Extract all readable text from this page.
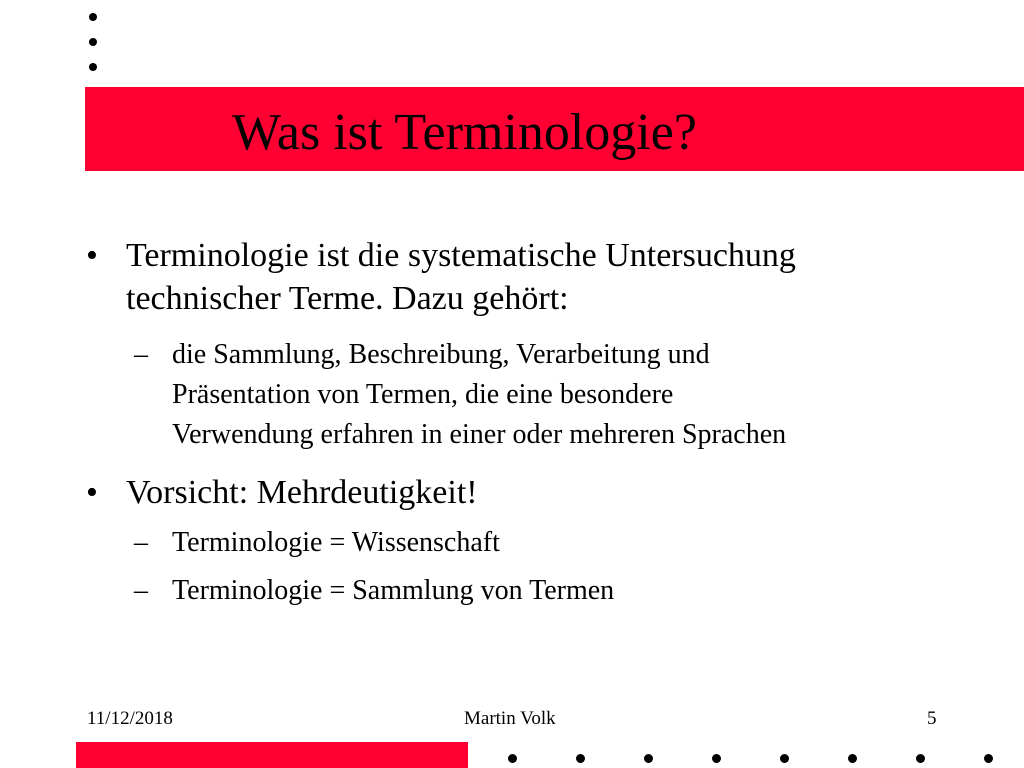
Was ist Terminologie?
• Terminologie ist die systematische Untersuchung
technischer Terme. Dazu gehört:
– die Sammlung, Beschreibung, Verarbeitung und
Präsentation von Termen, die eine besondere
Verwendung erfahren in einer oder mehreren Sprachen
• Vorsicht: Mehrdeutigkeit!
– Terminologie = Wissenschaft
– Terminologie = Sammlung von Termen
11/12/2018	Martin Volk	5
